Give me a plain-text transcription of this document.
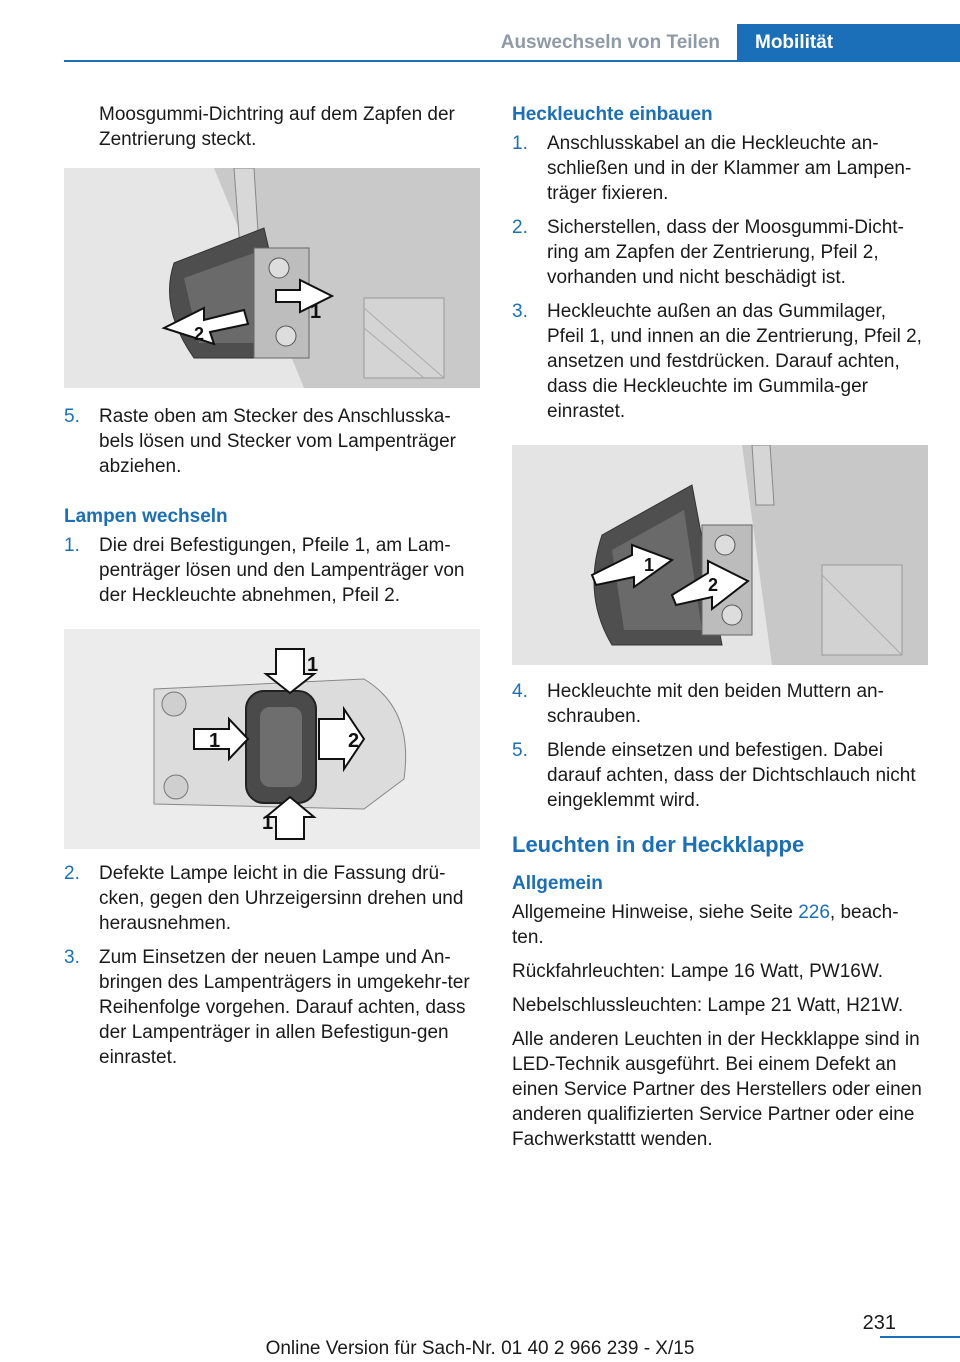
Auswechseln von Teilen	Mobilität

Moosgummi-Dichtring auf dem Zapfen der Zentrierung steckt.

1
2
5.	Raste oben am Stecker des Anschlusska‐bels lösen und Stecker vom Lampenträger abziehen.
Lampen wechseln
1.	Die drei Befestigungen, Pfeile 1, am Lam‐penträger lösen und den Lampenträger von der Heckleuchte abnehmen, Pfeil 2.
1
1	2
1
2.	Defekte Lampe leicht in die Fassung drü‐cken, gegen den Uhrzeigersinn drehen und herausnehmen.
3.	Zum Einsetzen der neuen Lampe und An‐bringen des Lampenträgers in umgekehr‐ter Reihenfolge vorgehen. Darauf achten, dass der Lampenträger in allen Befestigun‐gen einrastet.
Heckleuchte einbauen
1.	Anschlusskabel an die Heckleuchte an‐schließen und in der Klammer am Lampen‐träger fixieren.
2.	Sicherstellen, dass der Moosgummi-Dicht‐ring am Zapfen der Zentrierung, Pfeil 2, vorhanden und nicht beschädigt ist.
3.	Heckleuchte außen an das Gummilager, Pfeil 1, und innen an die Zentrierung, Pfeil 2, ansetzen und festdrücken. Darauf achten, dass die Heckleuchte im Gummila‐ger einrastet.
1
2
4.	Heckleuchte mit den beiden Muttern an‐schrauben.
5.	Blende einsetzen und befestigen. Dabei darauf achten, dass der Dichtschlauch nicht eingeklemmt wird.
Leuchten in der Heckklappe
Allgemein

Allgemeine Hinweise, siehe Seite 226, beach‐ten.

Rückfahrleuchten: Lampe 16 Watt, PW16W.

Nebelschlussleuchten: Lampe 21 Watt, H21W.

Alle anderen Leuchten in der Heckklappe sind in LED-Technik ausgeführt. Bei einem Defekt an einen Service Partner des Herstellers oder einen anderen qualifizierten Service Partner oder eine Fachwerkstattt wenden.

231
Online Version für Sach-Nr. 01 40 2 966 239 - X/15
